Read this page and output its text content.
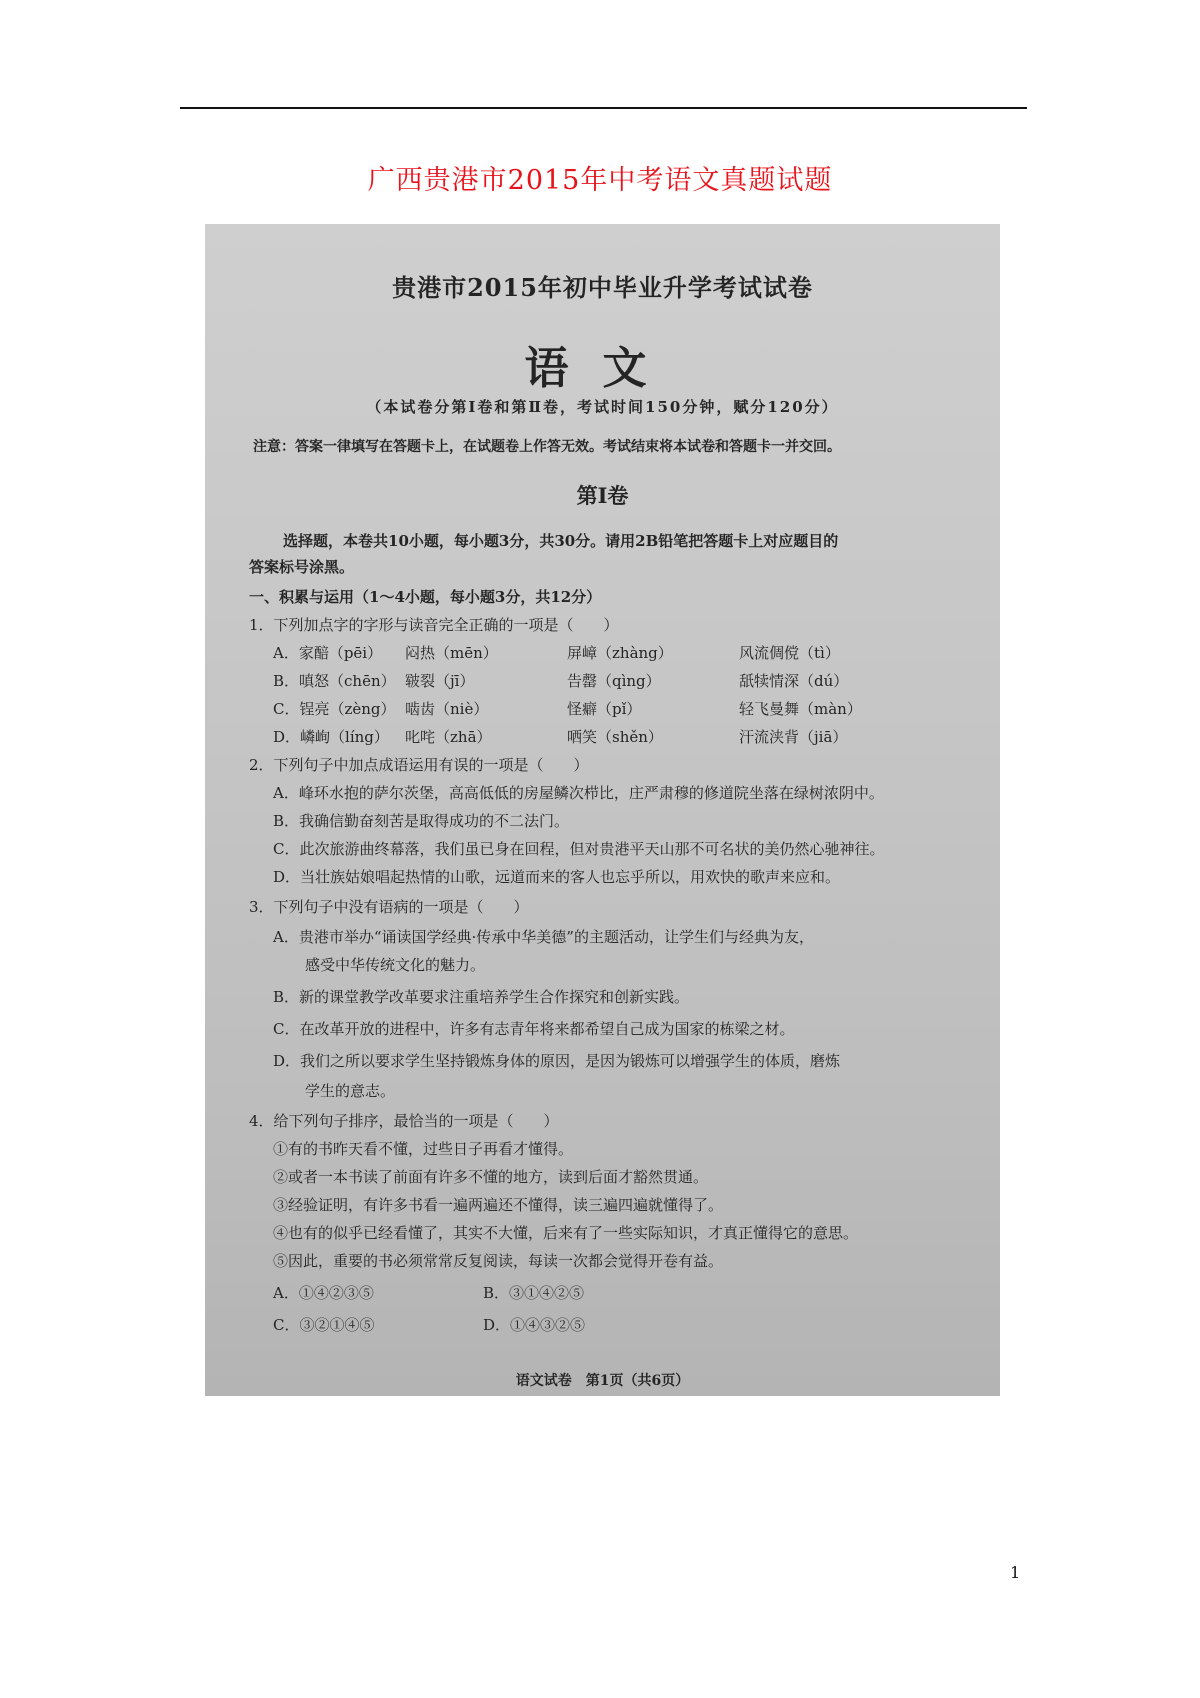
广西贵港市2015年中考语文真题试题
贵港市2015年初中毕业升学考试试卷
语文
（本试卷分第Ⅰ卷和第Ⅱ卷，考试时间150分钟，赋分120分）
注意：答案一律填写在答题卡上，在试题卷上作答无效。考试结束将本试卷和答题卡一并交回。
第Ⅰ卷
选择题，本卷共10小题，每小题3分，共30分。请用2B铅笔把答题卡上对应题目的
答案标号涂黑。
一、积累与运用（1～4小题，每小题3分，共12分）
1．下列加点字的字形与读音完全正确的一项是（　　）
A．家醅（pēi） 闷热（mēn）	屏嶂（zhàng）	风流倜傥（tì）
B．嗔怒（chēn） 皲裂（jī）	告罄（qìng）	舐犊情深（dú）
C．锃亮（zèng） 啮齿（niè）	怪癖（pǐ）	轻飞曼舞（màn）
D．嶙峋（líng） 叱咤（zhā）	哂笑（shěn）	汗流浃背（jiā）
2．下列句子中加点成语运用有误的一项是（　　）
A．峰环水抱的萨尔茨堡，高高低低的房屋鳞次栉比，庄严肃穆的修道院坐落在绿树浓阴中。
B．我确信勤奋刻苦是取得成功的不二法门。
C．此次旅游曲终幕落，我们虽已身在回程，但对贵港平天山那不可名状的美仍然心驰神往。
D．当壮族姑娘唱起热情的山歌，远道而来的客人也忘乎所以，用欢快的歌声来应和。
3．下列句子中没有语病的一项是（　　）
A．贵港市举办“诵读国学经典·传承中华美德”的主题活动，让学生们与经典为友，
感受中华传统文化的魅力。
B．新的课堂教学改革要求注重培养学生合作探究和创新实践。
C．在改革开放的进程中，许多有志青年将来都希望自己成为国家的栋梁之材。
D．我们之所以要求学生坚持锻炼身体的原因，是因为锻炼可以增强学生的体质，磨炼
学生的意志。
4．给下列句子排序，最恰当的一项是（　　）
①有的书昨天看不懂，过些日子再看才懂得。
②或者一本书读了前面有许多不懂的地方，读到后面才豁然贯通。
③经验证明，有许多书看一遍两遍还不懂得，读三遍四遍就懂得了。
④也有的似乎已经看懂了，其实不大懂，后来有了一些实际知识，才真正懂得它的意思。
⑤因此，重要的书必须常常反复阅读，每读一次都会觉得开卷有益。
A．①④②③⑤	B．③①④②⑤
C．③②①④⑤	D．①④③②⑤
语文试卷　第1页（共6页）
1
